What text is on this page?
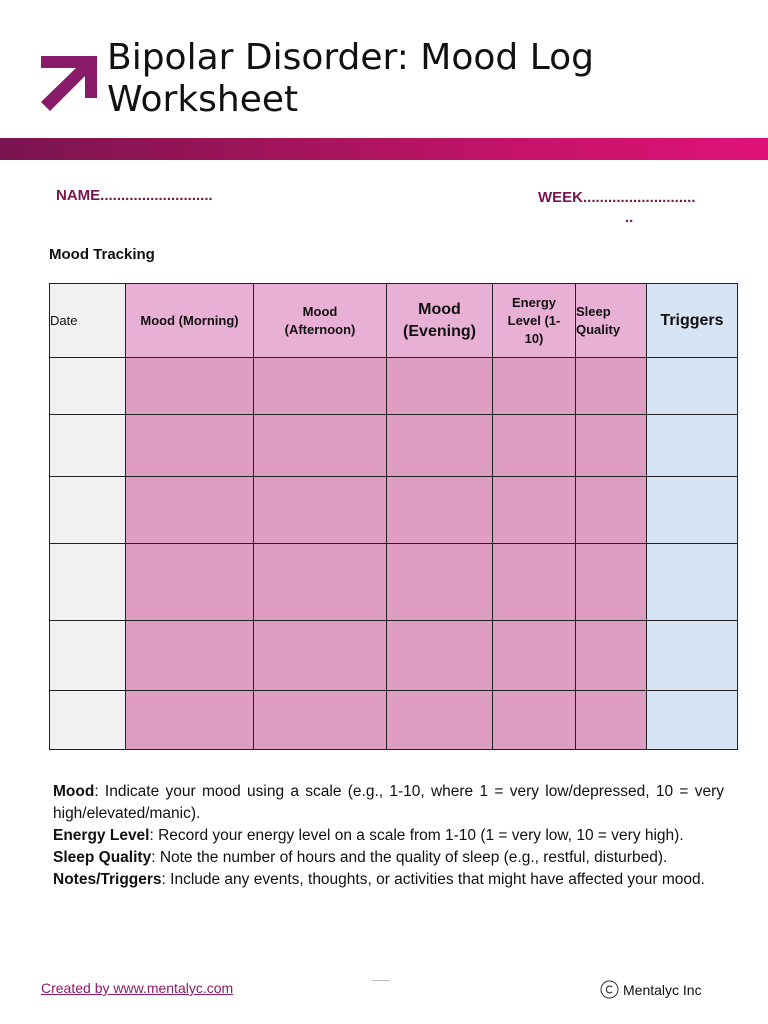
Bipolar Disorder: Mood Log
Worksheet
NAME...........................	WEEK...........................
..
Mood Tracking
Date	Mood (Morning)	Mood (Afternoon)	Mood (Evening)	Energy Level (1-10)	Sleep Quality	Triggers

Mood: Indicate your mood using a scale (e.g., 1-10, where 1 = very low/depressed, 10 = very high/elevated/manic).

Energy Level: Record your energy level on a scale from 1-10 (1 = very low, 10 = very high).

Sleep Quality: Note the number of hours and the quality of sleep (e.g., restful, disturbed).

Notes/Triggers: Include any events, thoughts, or activities that might have affected your mood.

Created by www.mentalyc.com	Mentalyc Inc
